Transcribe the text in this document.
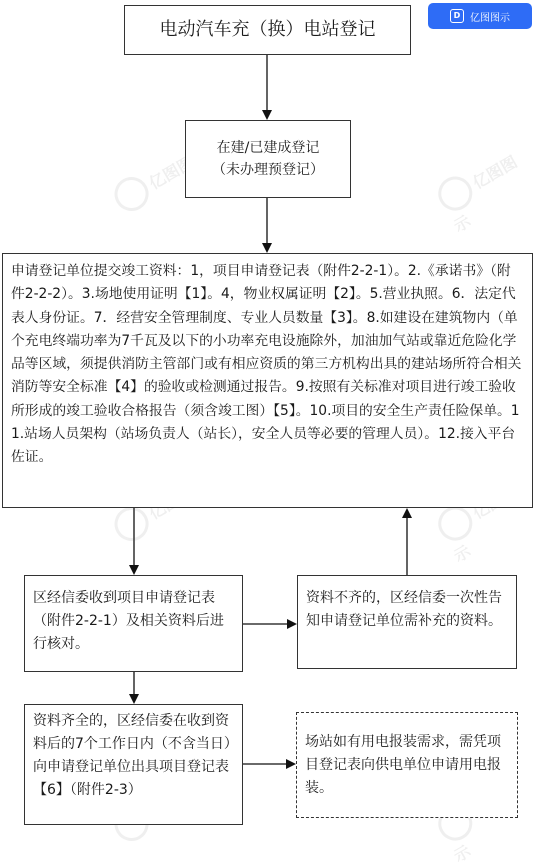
亿图图示	亿图图示
亿图图示
亿图图示
D 亿图图示
电动汽车充（换）电站登记
在建/已建成登记
（未办理预登记）
申请登记单位提交竣工资料：1，项目申请登记表（附件2-2-1）。2.《承诺书》（附件2-2-2）。3.场地使用证明【1】。4，物业权属证明【2】。5.营业执照。6．法定代表人身份证。7．经营安全管理制度、专业人员数量【3】。8.如建设在建筑物内（单个充电终端功率为7千瓦及以下的小功率充电设施除外，加油加气站或靠近危险化学品等区域，须提供消防主管部门或有相应资质的第三方机构出具的建站场所符合相关消防等安全标准【4】的验收或检测通过报告。9.按照有关标准对项目进行竣工验收所形成的竣工验收合格报告（须含竣工图）【5】。10.项目的安全生产责任险保单。11.站场人员架构（站场负责人（站长），安全人员等必要的管理人员）。12.接入平台佐证。
区经信委收到项目申请登记表（附件2-2-1）及相关资料后进行核对。
资料不齐的，区经信委一次性告知申请登记单位需补充的资料。
资料齐全的，区经信委在收到资料后的7个工作日内（不含当日）向申请登记单位出具项目登记表【6】（附件2-3）
场站如有用电报装需求，需凭项目登记表向供电单位申请用电报装。
